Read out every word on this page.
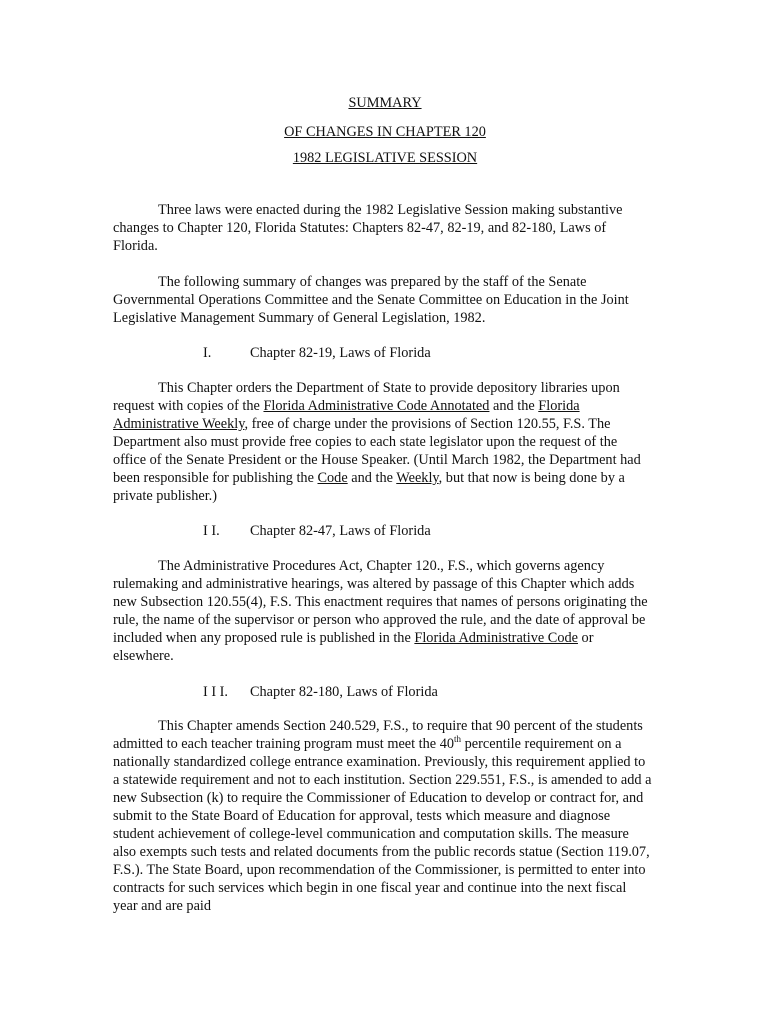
SUMMARY
OF CHANGES IN CHAPTER 120
1982 LEGISLATIVE SESSION

Three laws were enacted during the 1982 Legislative Session making substantive changes to Chapter 120, Florida Statutes: Chapters 82-47, 82-19, and 82-180, Laws of Florida.

The following summary of changes was prepared by the staff of the Senate Governmental Operations Committee and the Senate Committee on Education in the Joint Legislative Management Summary of General Legislation, 1982.

I.	Chapter 82-19, Laws of Florida

This Chapter orders the Department of State to provide depository libraries upon request with copies of the Florida Administrative Code Annotated and the Florida Administrative Weekly, free of charge under the provisions of Section 120.55, F.S. The Department also must provide free copies to each state legislator upon the request of the office of the Senate President or the House Speaker. (Until March 1982, the Department had been responsible for publishing the Code and the Weekly, but that now is being done by a private publisher.)

I I. Chapter 82-47, Laws of Florida

The Administrative Procedures Act, Chapter 120., F.S., which governs agency rulemaking and administrative hearings, was altered by passage of this Chapter which adds new Subsection 120.55(4), F.S. This enactment requires that names of persons originating the rule, the name of the supervisor or person who approved the rule, and the date of approval be included when any proposed rule is published in the Florida Administrative Code or elsewhere.

I I I. Chapter 82-180, Laws of Florida

This Chapter amends Section 240.529, F.S., to require that 90 percent of the students admitted to each teacher training program must meet the 40th percentile requirement on a nationally standardized college entrance examination. Previously, this requirement applied to a statewide requirement and not to each institution. Section 229.551, F.S., is amended to add a new Subsection (k) to require the Commissioner of Education to develop or contract for, and submit to the State Board of Education for approval, tests which measure and diagnose student achievement of college-level communication and computation skills. The measure also exempts such tests and related documents from the public records statue (Section 119.07, F.S.). The State Board, upon recommendation of the Commissioner, is permitted to enter into contracts for such services which begin in one fiscal year and continue into the next fiscal year and are paid
